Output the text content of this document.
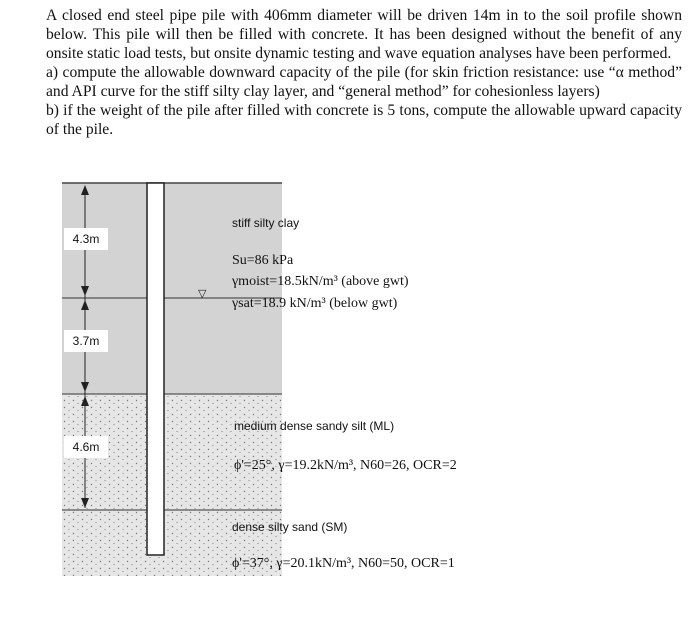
A closed end steel pipe pile with 406mm diameter will be driven 14m in to the soil profile shown below. This pile will then be filled with concrete. It has been designed without the benefit of any onsite static load tests, but onsite dynamic testing and wave equation analyses have been performed.

a) compute the allowable downward capacity of the pile (for skin friction resistance: use “α method” and API curve for the stiff silty clay layer, and “general method” for cohesionless layers)

b) if the weight of the pile after filled with concrete is 5 tons, compute the allowable upward capacity of the pile.

▽
4.3m
3.7m
4.6m
stiff silty clay
Su=86 kPa
γmoist=18.5kN/m³ (above gwt)
γsat=18.9 kN/m³ (below gwt)
medium dense sandy silt (ML)
ϕ'=25°, γ=19.2kN/m³, N60=26, OCR=2
dense silty sand (SM)
ϕ'=37°, γ=20.1kN/m³, N60=50, OCR=1
